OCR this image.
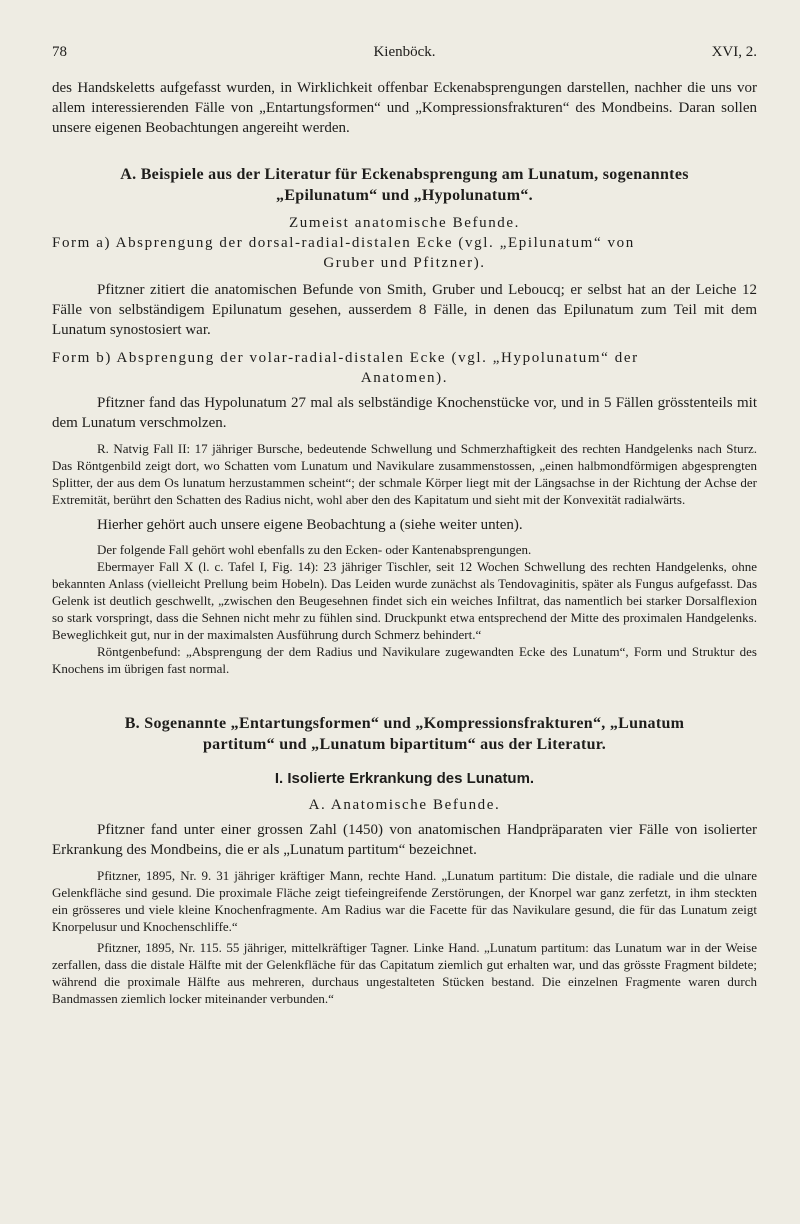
78	Kienböck.	XVI, 2.

des Handskeletts aufgefasst wurden, in Wirklichkeit offenbar Eckenabsprengungen darstellen, nachher die uns vor allem interessierenden Fälle von „Entartungsformen“ und „Kompressionsfrakturen“ des Mondbeins. Daran sollen unsere eigenen Beobachtungen angereiht werden.

A. Beispiele aus der Literatur für Eckenabsprengung am Lunatum, sogenanntes

„Epilunatum“ und „Hypolunatum“.

Zumeist anatomische Befunde.

Form a) Absprengung der dorsal-radial-distalen Ecke (vgl. „Epilunatum“ von

Gruber und Pfitzner).

Pfitzner zitiert die anatomischen Befunde von Smith, Gruber und Leboucq; er selbst hat an der Leiche 12 Fälle von selbständigem Epilunatum gesehen, ausserdem 8 Fälle, in denen das Epilunatum zum Teil mit dem Lunatum synostosiert war.

Form b) Absprengung der volar-radial-distalen Ecke (vgl. „Hypolunatum“ der

Anatomen).

Pfitzner fand das Hypolunatum 27 mal als selbständige Knochenstücke vor, und in 5 Fällen grösstenteils mit dem Lunatum verschmolzen.

R. Natvig Fall II: 17 jähriger Bursche, bedeutende Schwellung und Schmerzhaftigkeit des rechten Handgelenks nach Sturz. Das Röntgenbild zeigt dort, wo Schatten vom Lunatum und Navikulare zusammenstossen, „einen halbmondförmigen abgesprengten Splitter, der aus dem Os lunatum herzustammen scheint“; der schmale Körper liegt mit der Längsachse in der Richtung der Achse der Extremität, berührt den Schatten des Radius nicht, wohl aber den des Kapitatum und sieht mit der Konvexität radialwärts.

Hierher gehört auch unsere eigene Beobachtung a (siehe weiter unten).

Der folgende Fall gehört wohl ebenfalls zu den Ecken- oder Kantenabsprengungen.

Ebermayer Fall X (l. c. Tafel I, Fig. 14): 23 jähriger Tischler, seit 12 Wochen Schwellung des rechten Handgelenks, ohne bekannten Anlass (vielleicht Prellung beim Hobeln). Das Leiden wurde zunächst als Tendovaginitis, später als Fungus aufgefasst. Das Gelenk ist deutlich geschwellt, „zwischen den Beugesehnen findet sich ein weiches Infiltrat, das namentlich bei starker Dorsalflexion so stark vorspringt, dass die Sehnen nicht mehr zu fühlen sind. Druckpunkt etwa entsprechend der Mitte des proximalen Handgelenks. Beweglichkeit gut, nur in der maximalsten Ausführung durch Schmerz behindert.“

Röntgenbefund: „Absprengung der dem Radius und Navikulare zugewandten Ecke des Lunatum“, Form und Struktur des Knochens im übrigen fast normal.

B. Sogenannte „Entartungsformen“ und „Kompressionsfrakturen“, „Lunatum

partitum“ und „Lunatum bipartitum“ aus der Literatur.

I. Isolierte Erkrankung des Lunatum.

A. Anatomische Befunde.

Pfitzner fand unter einer grossen Zahl (1450) von anatomischen Handpräparaten vier Fälle von isolierter Erkrankung des Mondbeins, die er als „Lunatum partitum“ bezeichnet.

Pfitzner, 1895, Nr. 9. 31 jähriger kräftiger Mann, rechte Hand. „Lunatum partitum: Die distale, die radiale und die ulnare Gelenkfläche sind gesund. Die proximale Fläche zeigt tiefeingreifende Zerstörungen, der Knorpel war ganz zerfetzt, in ihm steckten ein grösseres und viele kleine Knochenfragmente. Am Radius war die Facette für das Navikulare gesund, die für das Lunatum zeigt Knorpelusur und Knochenschliffe.“

Pfitzner, 1895, Nr. 115. 55 jähriger, mittelkräftiger Tagner. Linke Hand. „Lunatum partitum: das Lunatum war in der Weise zerfallen, dass die distale Hälfte mit der Gelenkfläche für das Capitatum ziemlich gut erhalten war, und das grösste Fragment bildete; während die proximale Hälfte aus mehreren, durchaus ungestalteten Stücken bestand. Die einzelnen Fragmente waren durch Bandmassen ziemlich locker miteinander verbunden.“
